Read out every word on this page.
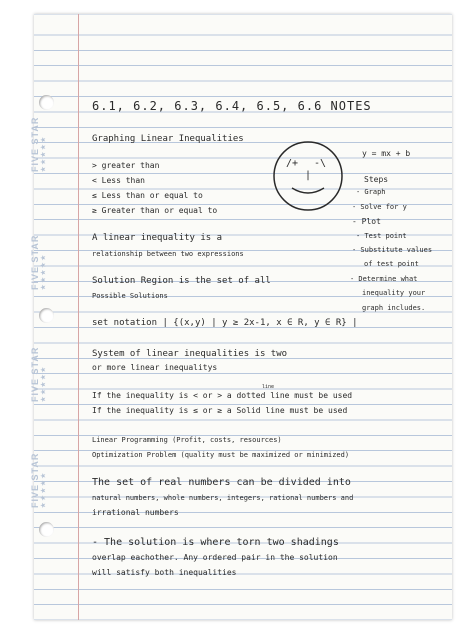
FIVE STAR ★★★★★
FIVE STAR ★★★★★
FIVE STAR ★★★★★
FIVE STAR ★★★★★
6.1, 6.2, 6.3, 6.4, 6.5, 6.6 NOTES
Graphing Linear Inequalities
> greater than
< Less than
≤ Less than or equal to
≥ Greater than or equal to
/+ -\
|
y = mx + b
Steps
- Graph
- Solve for y
- Plot
- Test point
- Substitute values
of test point
- Determine what
inequality your
graph includes.
A linear inequality is a
relationship between two expressions
Solution Region is the set of all
Possible Solutions
set notation | {(x,y) | y ≥ 2x-1, x ∈ R, y ∈ R} |
System of linear inequalities is two
or more linear inequalitys
line
If the inequality is < or > a dotted line must be used
If the inequality is ≤ or ≥ a Solid line must be used
Linear Programming (Profit, costs, resources)
Optimization Problem (quality must be maximized or minimized)
The set of real numbers can be divided into
natural numbers, whole numbers, integers, rational numbers and
irrational numbers
- The solution is where torn two shadings
overlap eachother. Any ordered pair in the solution
will satisfy both inequalities
